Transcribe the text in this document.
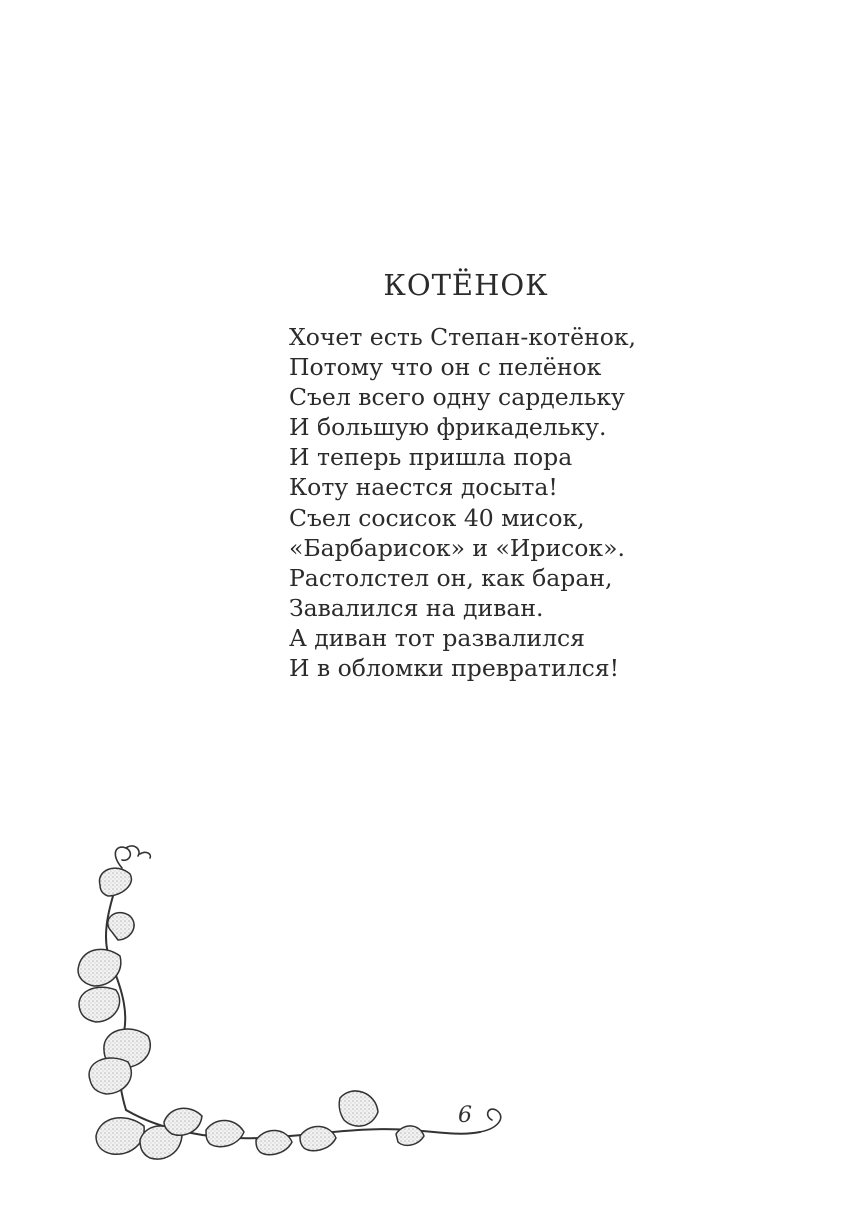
КОТЁНОК
Хочет есть Степан-котёнок,
Потому что он с пелёнок
Съел всего одну сардельку
И большую фрикадельку.
И теперь пришла пора
Коту наестся досыта!
Съел сосисок 40 мисок,
«Барбарисок» и «Ирисок».
Растолстел он, как баран,
Завалился на диван.
А диван тот развалился
И в обломки превратился!
6
